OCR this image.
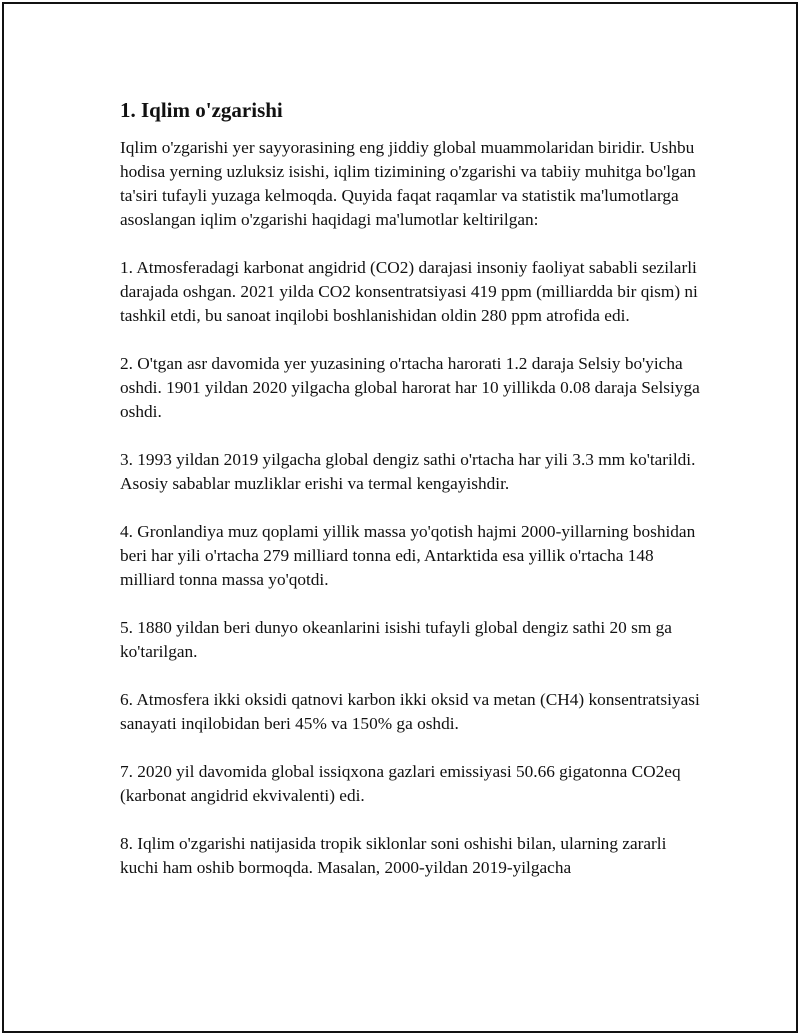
1. Iqlim o'zgarishi

Iqlim o'zgarishi yer sayyorasining eng jiddiy global muammolaridan biridir. Ushbu hodisa yerning uzluksiz isishi, iqlim tizimining o'zgarishi va tabiiy muhitga bo'lgan ta'siri tufayli yuzaga kelmoqda. Quyida faqat raqamlar va statistik ma'lumotlarga asoslangan iqlim o'zgarishi haqidagi ma'lumotlar keltirilgan:

1. Atmosferadagi karbonat angidrid (CO2) darajasi insoniy faoliyat sababli sezilarli darajada oshgan. 2021 yilda CO2 konsentratsiyasi 419 ppm (milliardda bir qism) ni tashkil etdi, bu sanoat inqilobi boshlanishidan oldin 280 ppm atrofida edi.

2. O'tgan asr davomida yer yuzasining o'rtacha harorati 1.2 daraja Selsiy bo'yicha oshdi. 1901 yildan 2020 yilgacha global harorat har 10 yillikda 0.08 daraja Selsiyga oshdi.

3. 1993 yildan 2019 yilgacha global dengiz sathi o'rtacha har yili 3.3 mm ko'tarildi. Asosiy sabablar muzliklar erishi va termal kengayishdir.

4. Gronlandiya muz qoplami yillik massa yo'qotish hajmi 2000-yillarning boshidan beri har yili o'rtacha 279 milliard tonna edi, Antarktida esa yillik o'rtacha 148 milliard tonna massa yo'qotdi.

5. 1880 yildan beri dunyo okeanlarini isishi tufayli global dengiz sathi 20 sm ga ko'tarilgan.

6. Atmosfera ikki oksidi qatnovi karbon ikki oksid va metan (CH4) konsentratsiyasi sanayati inqilobidan beri 45% va 150% ga oshdi.

7. 2020 yil davomida global issiqxona gazlari emissiyasi 50.66 gigatonna CO2eq (karbonat angidrid ekvivalenti) edi.

8. Iqlim o'zgarishi natijasida tropik siklonlar soni oshishi bilan, ularning zararli kuchi ham oshib bormoqda. Masalan, 2000-yildan 2019-yilgacha
